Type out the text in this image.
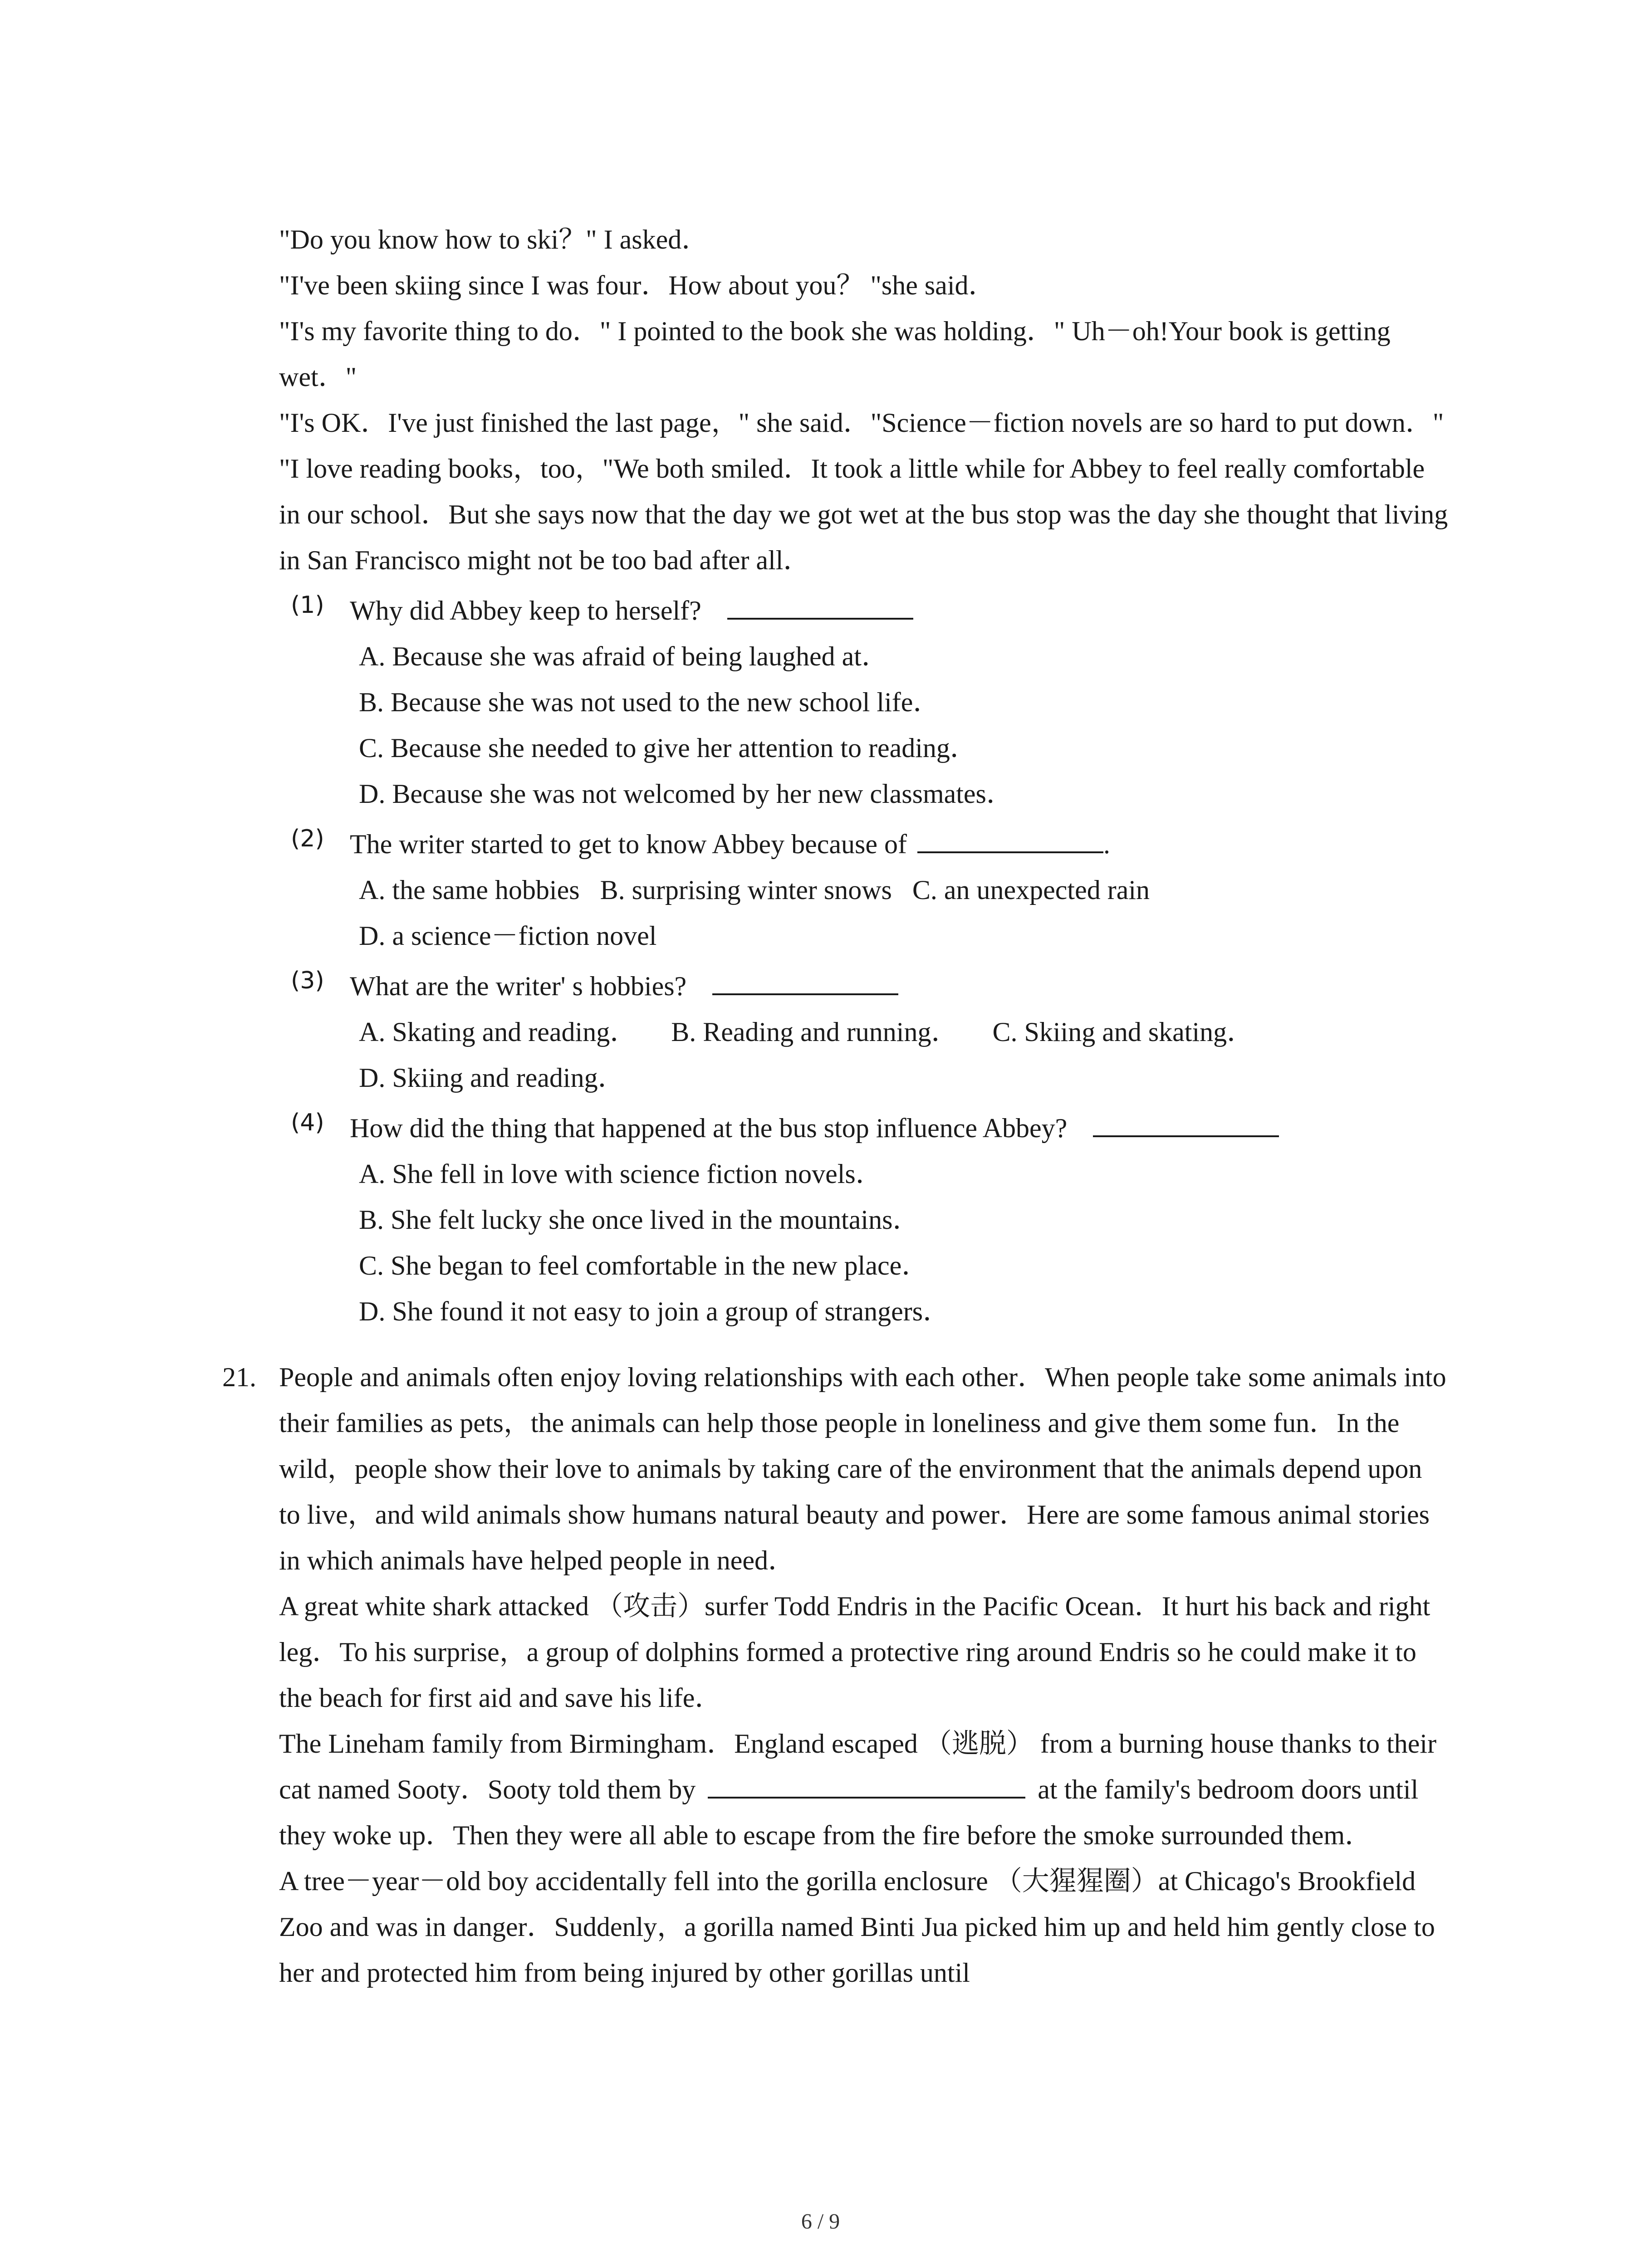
"Do you know how to ski？" I asked．

"I've been skiing since I was four．How about you？ "she said．

"I's my favorite thing to do．" I pointed to the book she was holding．" Uh－oh!Your book is getting wet．"

"I's OK．I've just finished the last page，" she said．"Science－fiction novels are so hard to put down．"

"I love reading books，too，"We both smiled．It took a little while for Abbey to feel really comfortable in our school．But she says now that the day we got wet at the bus stop was the day she thought that living in San Francisco might not be too bad after all．

(1) Why did Abbey keep to herself?

A. Because she was afraid of being laughed at．

B. Because she was not used to the new school life．

C. Because she needed to give her attention to reading．

D. Because she was not welcomed by her new classmates．

(2) The writer started to get to know Abbey because of	.

A. the same hobbies   B. surprising winter snows   C. an unexpected rain

D. a science－fiction novel

(3) What are the writer' s hobbies?

A. Skating and reading．     B. Reading and running．     C. Skiing and skating．

D. Skiing and reading．

(4) How did the thing that happened at the bus stop influence Abbey?

A. She fell in love with science fiction novels．

B. She felt lucky she once lived in the mountains．

C. She began to feel comfortable in the new place．

D. She found it not easy to join a group of strangers．

21. People and animals often enjoy loving relationships with each other．When people take some animals into their families as pets，the animals can help those people in loneliness and give them some fun．In the wild，people show their love to animals by taking care of the environment that the animals depend upon to live，and wild animals show humans natural beauty and power．Here are some famous animal stories in which animals have helped people in need．

A great white shark attacked （攻击）surfer Todd Endris in the Pacific Ocean．It hurt his back and right leg．To his surprise，a group of dolphins formed a protective ring around Endris so he could make it to the beach for first aid and save his life．

The Lineham family from Birmingham．England escaped （逃脱） from a burning house thanks to their cat named Sooty．Sooty told them by	at the family's bedroom doors until they woke up．Then they were all able to escape from the fire before the smoke surrounded them．

A tree－year－old boy accidentally fell into the gorilla enclosure （大猩猩圈）at Chicago's Brookfield Zoo and was in danger．Suddenly，a gorilla named Binti Jua picked him up and held him gently close to her and protected him from being injured by other gorillas until

6 / 9
